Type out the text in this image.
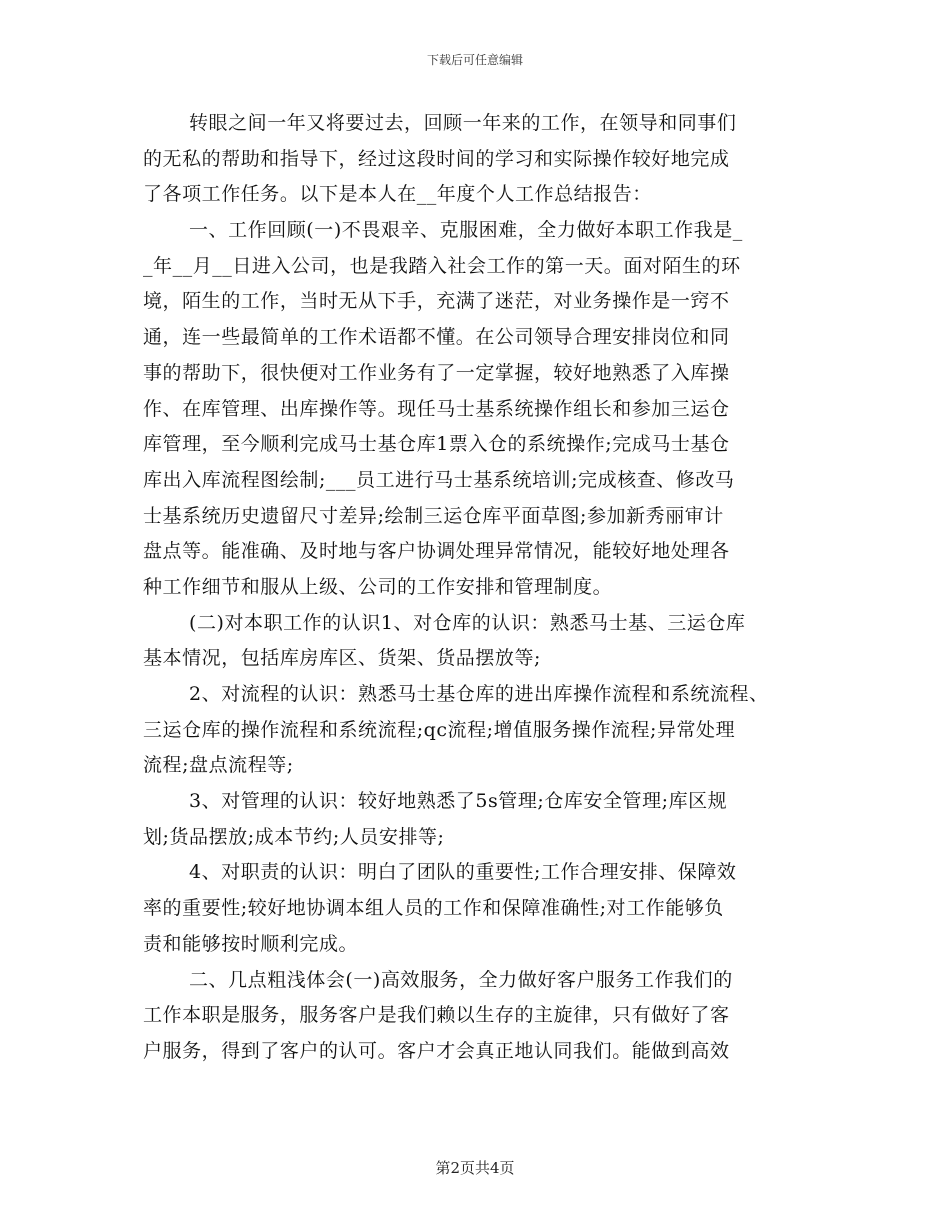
下载后可任意编辑
转眼之间一年又将要过去，回顾一年来的工作，在领导和同事们
的无私的帮助和指导下，经过这段时间的学习和实际操作较好地完成
了各项工作任务。以下是本人在__年度个人工作总结报告：
一、工作回顾(一)不畏艰辛、克服困难，全力做好本职工作我是_
_年__月__日进入公司，也是我踏入社会工作的第一天。面对陌生的环
境，陌生的工作，当时无从下手，充满了迷茫，对业务操作是一窍不
通，连一些最简单的工作术语都不懂。在公司领导合理安排岗位和同
事的帮助下，很快便对工作业务有了一定掌握，较好地熟悉了入库操
作、在库管理、出库操作等。现任马士基系统操作组长和参加三运仓
库管理，至今顺利完成马士基仓库1票入仓的系统操作;完成马士基仓
库出入库流程图绘制;___员工进行马士基系统培训;完成核查、修改马
士基系统历史遗留尺寸差异;绘制三运仓库平面草图;参加新秀丽审计
盘点等。能准确、及时地与客户协调处理异常情况，能较好地处理各
种工作细节和服从上级、公司的工作安排和管理制度。
(二)对本职工作的认识1、对仓库的认识：熟悉马士基、三运仓库
基本情况，包括库房库区、货架、货品摆放等;
2、对流程的认识：熟悉马士基仓库的进出库操作流程和系统流程、
三运仓库的操作流程和系统流程;qc流程;增值服务操作流程;异常处理
流程;盘点流程等;
3、对管理的认识：较好地熟悉了5s管理;仓库安全管理;库区规
划;货品摆放;成本节约;人员安排等;
4、对职责的认识：明白了团队的重要性;工作合理安排、保障效
率的重要性;较好地协调本组人员的工作和保障准确性;对工作能够负
责和能够按时顺利完成。
二、几点粗浅体会(一)高效服务，全力做好客户服务工作我们的
工作本职是服务，服务客户是我们赖以生存的主旋律，只有做好了客
户服务，得到了客户的认可。客户才会真正地认同我们。能做到高效
第2页共4页
